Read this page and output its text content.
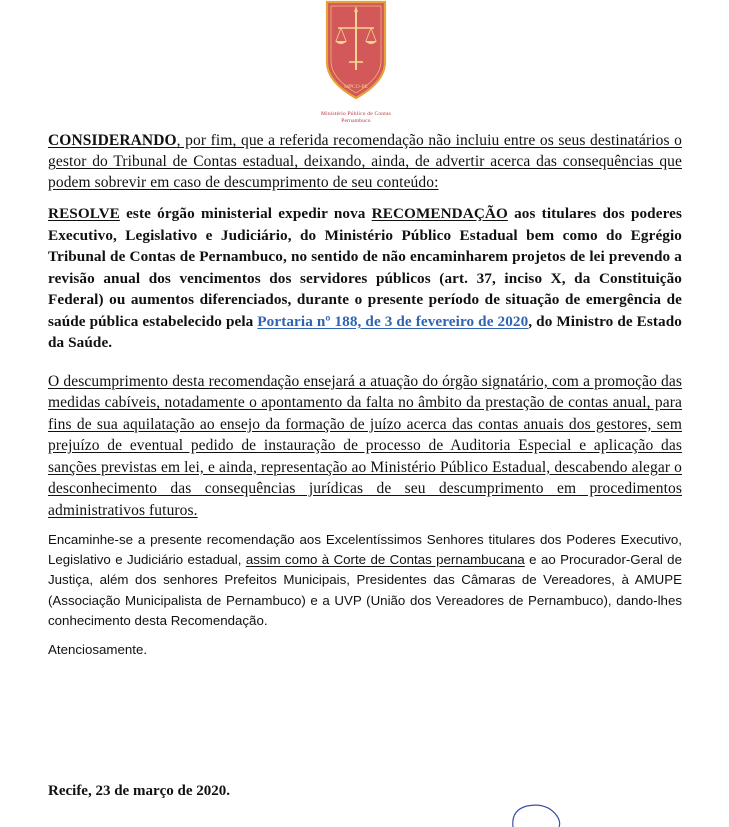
MPCO-PE
Ministério Público de Contas
Pernambuco

CONSIDERANDO, por fim, que a referida recomendação não incluiu entre os seus destinatários o gestor do Tribunal de Contas estadual, deixando, ainda, de advertir acerca das consequências que podem sobrevir em caso de descumprimento de seu conteúdo:

RESOLVE este órgão ministerial expedir nova RECOMENDAÇÃO aos titulares dos poderes Executivo, Legislativo e Judiciário, do Ministério Público Estadual bem como do Egrégio Tribunal de Contas de Pernambuco, no sentido de não encaminharem projetos de lei prevendo a revisão anual dos vencimentos dos servidores públicos (art. 37, inciso X, da Constituição Federal) ou aumentos diferenciados, durante o presente período de situação de emergência de saúde pública estabelecido pela Portaria nº 188, de 3 de fevereiro de 2020, do Ministro de Estado da Saúde.

O descumprimento desta recomendação ensejará a atuação do órgão signatário, com a promoção das medidas cabíveis, notadamente o apontamento da falta no âmbito da prestação de contas anual, para fins de sua aquilatação ao ensejo da formação de juízo acerca das contas anuais dos gestores, sem prejuízo de eventual pedido de instauração de processo de Auditoria Especial e aplicação das sanções previstas em lei, e ainda, representação ao Ministério Público Estadual, descabendo alegar o desconhecimento das consequências jurídicas de seu descumprimento em procedimentos administrativos futuros.

Encaminhe-se a presente recomendação aos Excelentíssimos Senhores titulares dos Poderes Executivo, Legislativo e Judiciário estadual, assim como à Corte de Contas pernambucana e ao Procurador-Geral de Justiça, além dos senhores Prefeitos Municipais, Presidentes das Câmaras de Vereadores, à AMUPE (Associação Municipalista de Pernambuco) e a UVP (União dos Vereadores de Pernambuco), dando-lhes conhecimento desta Recomendação.

Atenciosamente.

Recife, 23 de março de 2020.
